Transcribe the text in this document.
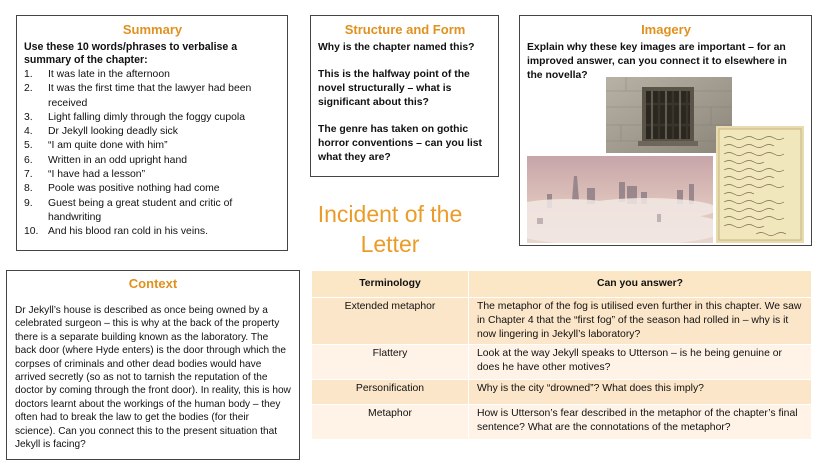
Summary
Use these 10 words/phrases to verbalise a summary of the chapter:
1. It was late in the afternoon
2. It was the first time that the lawyer had been received
3. Light falling dimly through the foggy cupola
4. Dr Jekyll looking deadly sick
5. “I am quite done with him”
6. Written in an odd upright hand
7. “I have had a lesson”
8. Poole was positive nothing had come
9. Guest being a great student and critic of handwriting
10. And his blood ran cold in his veins.
Structure and Form

Why is the chapter named this?

This is the halfway point of the novel structurally – what is significant about this?

The genre has taken on gothic horror conventions – can you list what they are?

Imagery
Explain why these key images are important – for an improved answer, can you connect it to elsewhere in the novella?
Incident of the Letter
Context
Dr Jekyll’s house is described as once being owned by a celebrated surgeon – this is why at the back of the property there is a separate building known as the laboratory. The back door (where Hyde enters) is the door through which the corpses of criminals and other dead bodies would have arrived secretly (so as not to tarnish the reputation of the doctor by coming through the front door). In reality, this is how doctors learnt about the workings of the human body – they often had to break the law to get the bodies (for their science). Can you connect this to the present situation that Jekyll is facing?
Terminology	Can you answer?
Extended metaphor	The metaphor of the fog is utilised even further in this chapter. We saw in Chapter 4 that the “first fog” of the season had rolled in – why is it now lingering in Jekyll’s laboratory?
Flattery	Look at the way Jekyll speaks to Utterson – is he being genuine or does he have other motives?
Personification	Why is the city “drowned”? What does this imply?
Metaphor	How is Utterson’s fear described in the metaphor of the chapter’s final sentence? What are the connotations of the metaphor?
